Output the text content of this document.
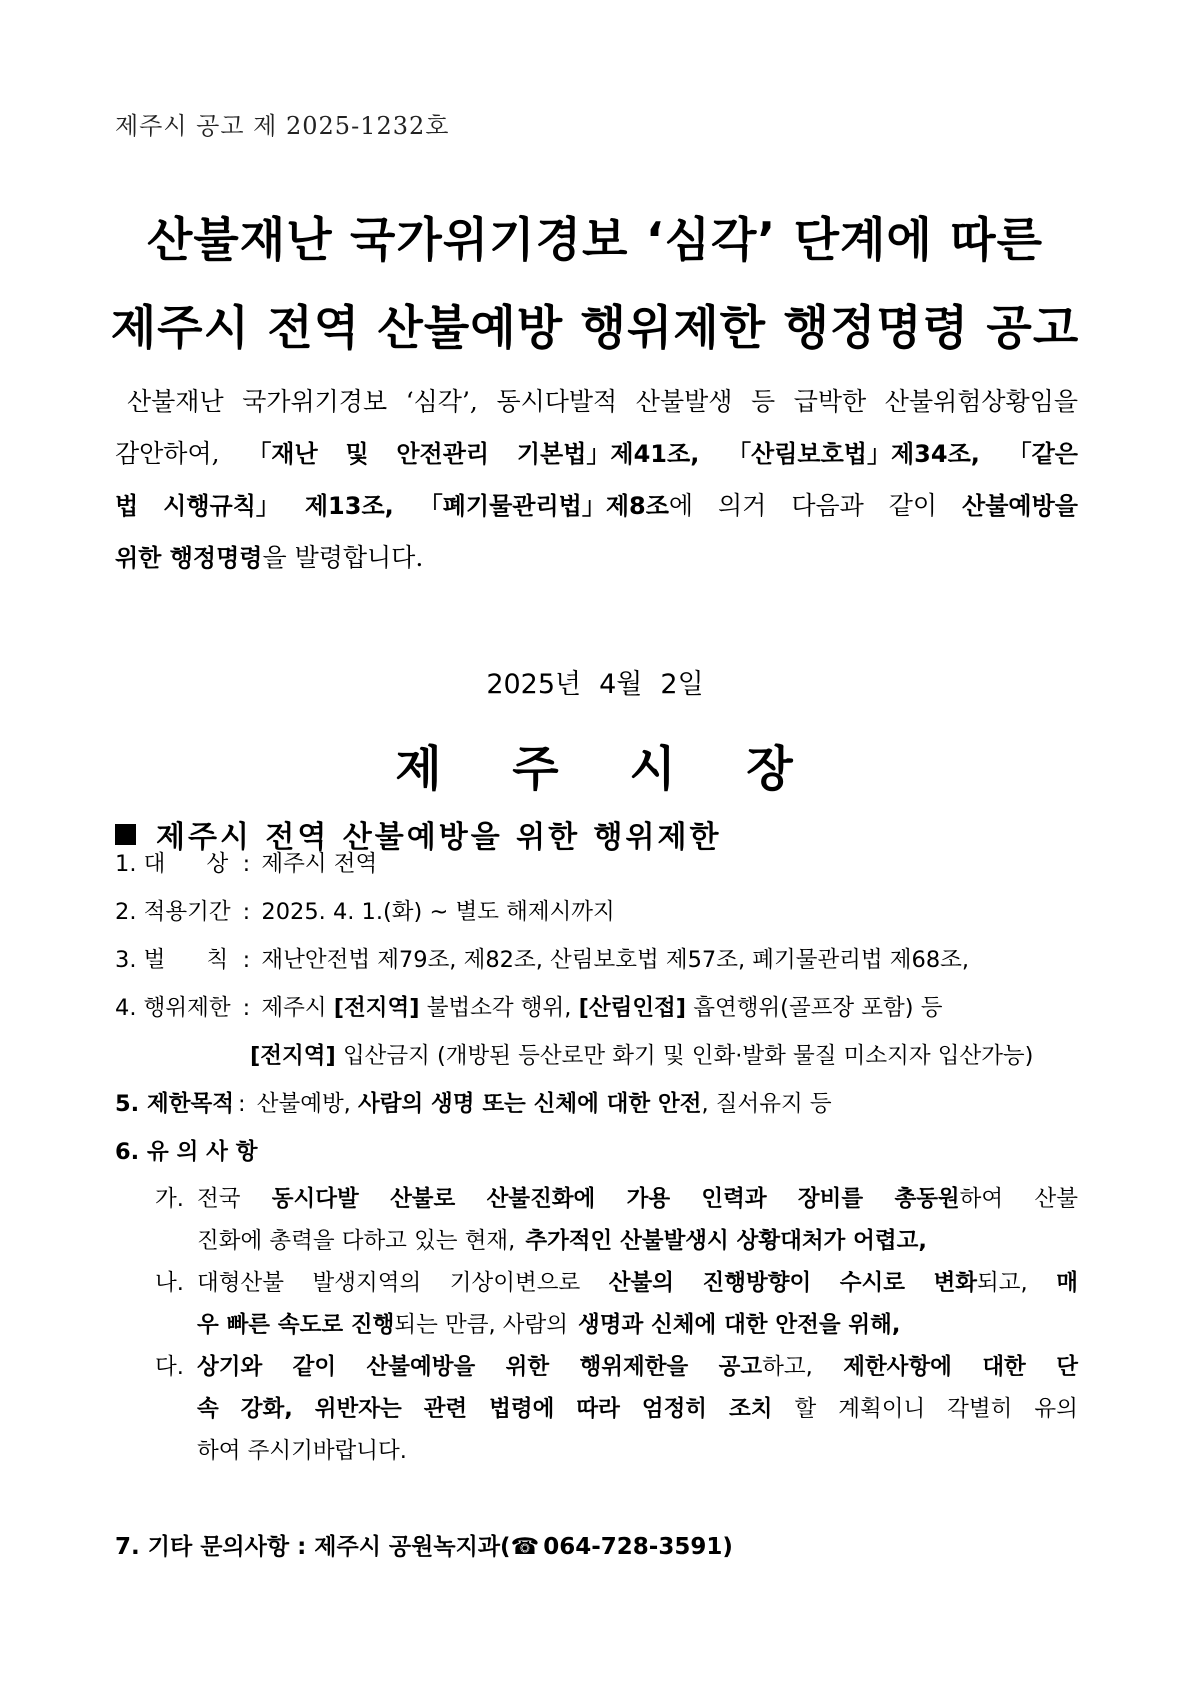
제주시 공고 제 2025-1232호
산불재난 국가위기경보 ‘심각’ 단계에 따른
제주시 전역 산불예방 행위제한 행정명령 공고
산불재난 국가위기경보 ‘심각’, 동시다발적 산불발생 등 급박한 산불위험상황임을
감안하여, 「재난 및 안전관리 기본법」제41조, 「산림보호법」제34조, 「같은
법 시행규칙」 제13조, 「폐기물관리법」제8조에 의거 다음과 같이 산불예방을
위한 행정명령 을 발령합니다.
2025년 4월 2일
제 주 시 장
제주시 전역 산불예방을 위한 행위제한
1. 대 상 : 제주시 전역
2. 적용기간 : 2025. 4. 1.(화) ~ 별도 해제시까지
3. 벌 칙 : 재난안전법 제79조, 제82조, 산림보호법 제57조, 폐기물관리법 제68조,
4. 행위제한 : 제주시 [전지역] 불법소각 행위, [산림인접] 흡연행위(골프장 포함) 등
[전지역] 입산금지 (개방된 등산로만 화기 및 인화·발화 물질 미소지자 입산가능)
5. 제한목적 : 산불예방, 사람의 생명 또는 신체에 대한 안전, 질서유지 등
6. 유 의 사 항
가. 전국 동시다발 산불로 산불진화에 가용 인력과 장비를 총동원하여 산불
진화에 총력을 다하고 있는 현재, 추가적인 산불발생시 상황대처가 어렵고,
나. 대형산불 발생지역의 기상이변으로 산불의 진행방향이 수시로 변화되고, 매
우 빠른 속도로 진행 되는 만큼, 사람의 생명과 신체에 대한 안전을 위해,
다. 상기와 같이 산불예방을 위한 행위제한을 공고하고, 제한사항에 대한 단
속 강화, 위반자는 관련 법령에 따라 엄정히 조치 할 계획이니 각별히 유의
하여 주시기바랍니다.
7. 기타 문의사항 : 제주시 공원녹지과(☎ 064-728-3591)
